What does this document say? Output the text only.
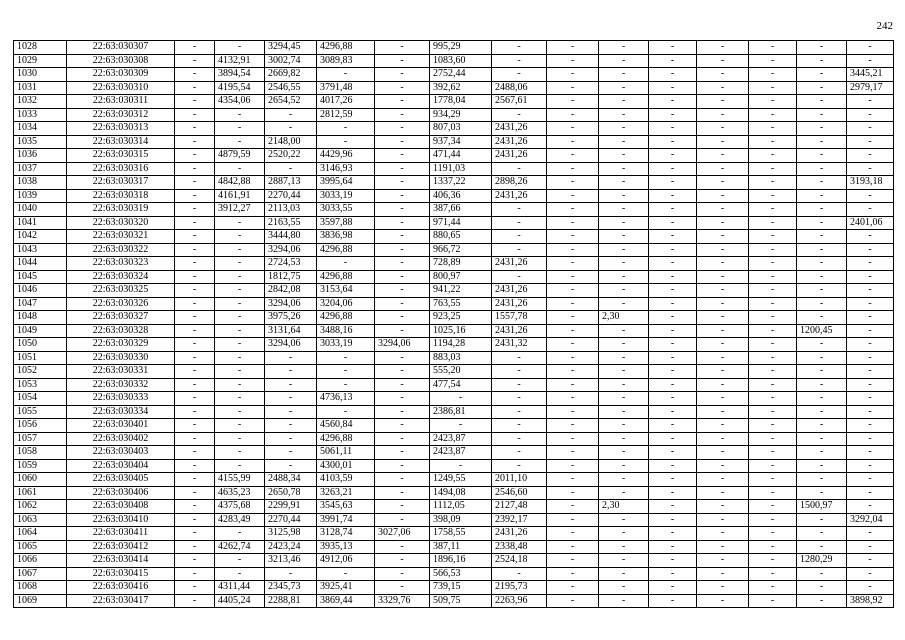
242
1028	22:63:030307	-	-	3294,45	4296,88	-	995,29	-	-	-	-	-	-	-	-
1029	22:63:030308	-	4132,91	3002,74	3089,83	-	1083,60	-	-	-	-	-	-	-	-
1030	22:63:030309	-	3894,54	2669,82	-	-	2752,44	-	-	-	-	-	-	-	3445,21
1031	22:63:030310	-	4195,54	2546,55	3791,48	-	392,62	2488,06	-	-	-	-	-	-	2979,17
1032	22:63:030311	-	4354,06	2654,52	4017,26	-	1778,04	2567,61	-	-	-	-	-	-	-
1033	22:63:030312	-	-	-	2812,59	-	934,29	-	-	-	-	-	-	-	-
1034	22:63:030313	-	-	-	-	-	807,03	2431,26	-	-	-	-	-	-	-
1035	22:63:030314	-	-	2148,00	-	-	937,34	2431,26	-	-	-	-	-	-	-
1036	22:63:030315	-	4879,59	2520,22	4429,96	-	471,44	2431,26	-	-	-	-	-	-	-
1037	22:63:030316	-	-	-	3146,93	-	1191,03	-	-	-	-	-	-	-	-
1038	22:63:030317	-	4842,88	2887,13	3995,64	-	1337,22	2898,26	-	-	-	-	-	-	3193,18
1039	22:63:030318	-	4161,91	2270,44	3033,19	-	406,36	2431,26	-	-	-	-	-	-	-
1040	22:63:030319	-	3912,27	2113,03	3033,55	-	387,66	-	-	-	-	-	-	-	-
1041	22:63:030320	-	-	2163,55	3597,88	-	971,44	-	-	-	-	-	-	-	2401,06
1042	22:63:030321	-	-	3444,80	3836,98	-	880,65	-	-	-	-	-	-	-	-
1043	22:63:030322	-	-	3294,06	4296,88	-	966,72	-	-	-	-	-	-	-	-
1044	22:63:030323	-	-	2724,53	-	-	728,89	2431,26	-	-	-	-	-	-	-
1045	22:63:030324	-	-	1812,75	4296,88	-	800,97	-	-	-	-	-	-	-	-
1046	22:63:030325	-	-	2842,08	3153,64	-	941,22	2431,26	-	-	-	-	-	-	-
1047	22:63:030326	-	-	3294,06	3204,06	-	763,55	2431,26	-	-	-	-	-	-	-
1048	22:63:030327	-	-	3975,26	4296,88	-	923,25	1557,78	-	2,30	-	-	-	-	-
1049	22:63:030328	-	-	3131,64	3488,16	-	1025,16	2431,26	-	-	-	-	-	1200,45	-
1050	22:63:030329	-	-	3294,06	3033,19	3294,06	1194,28	2431,32	-	-	-	-	-	-	-
1051	22:63:030330	-	-	-	-	-	883,03	-	-	-	-	-	-	-	-
1052	22:63:030331	-	-	-	-	-	555,20	-	-	-	-	-	-	-	-
1053	22:63:030332	-	-	-	-	-	477,54	-	-	-	-	-	-	-	-
1054	22:63:030333	-	-	-	4736,13	-	-	-	-	-	-	-	-	-	-
1055	22:63:030334	-	-	-	-	-	2386,81	-	-	-	-	-	-	-	-
1056	22:63:030401	-	-	-	4560,84	-	-	-	-	-	-	-	-	-	-
1057	22:63:030402	-	-	-	4296,88	-	2423,87	-	-	-	-	-	-	-	-
1058	22:63:030403	-	-	-	5061,11	-	2423,87	-	-	-	-	-	-	-	-
1059	22:63:030404	-	-	-	4300,01	-	-	-	-	-	-	-	-	-	-
1060	22:63:030405	-	4155,99	2488,34	4103,59	-	1249,55	2011,10	-	-	-	-	-	-	-
1061	22:63:030406	-	4635,23	2650,78	3263,21	-	1494,08	2546,60	-	-	-	-	-	-	-
1062	22:63:030408	-	4375,68	2299,91	3545,63	-	1112,05	2127,48	-	2,30	-	-	-	1500,97	-
1063	22:63:030410	-	4283,49	2270,44	3991,74	-	398,09	2392,17	-	-	-	-	-	-	3292,04
1064	22:63:030411	-	-	3125,98	3128,74	3027,06	1758,55	2431,26	-	-	-	-	-	-	-
1065	22:63:030412	-	4262,74	2423,24	3935,13	-	387,11	2338,48	-	-	-	-	-	-	-
1066	22:63:030414	-	-	3213,46	4912,06	-	1896,16	2524,18	-	-	-	-	-	1280,29	-
1067	22:63:030415	-	-	-	-	-	566,53	-	-	-	-	-	-	-	-
1068	22:63:030416	-	4311,44	2345,73	3925,41	-	739,15	2195,73	-	-	-	-	-	-	-
1069	22:63:030417	-	4405,24	2288,81	3869,44	3329,76	509,75	2263,96	-	-	-	-	-	-	3898,92
